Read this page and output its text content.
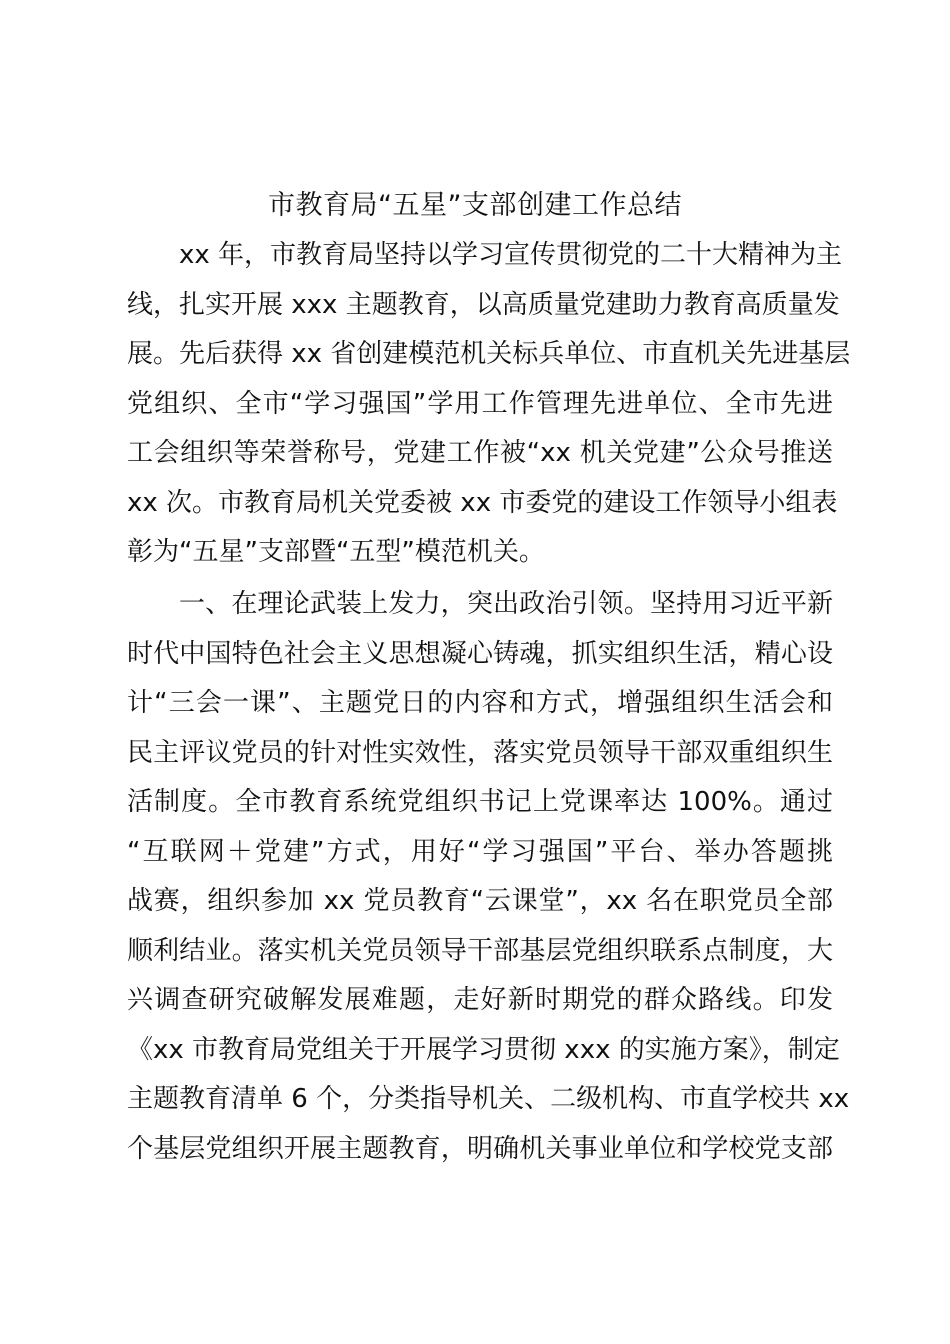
市教育局“五星”支部创建工作总结
xx 年，市教育局坚持以学习宣传贯彻党的二十大精神为主
线，扎实开展 xxx 主题教育，以高质量党建助力教育高质量发
展。先后获得 xx 省创建模范机关标兵单位、市直机关先进基层
党组织、全市“学习强国”学用工作管理先进单位、全市先进
工会组织等荣誉称号，党建工作被“xx 机关党建”公众号推送
xx 次。市教育局机关党委被 xx 市委党的建设工作领导小组表
彰为“五星”支部暨“五型”模范机关。
一、在理论武装上发力，突出政治引领。坚持用习近平新
时代中国特色社会主义思想凝心铸魂，抓实组织生活，精心设
计“三会一课”、主题党日的内容和方式，增强组织生活会和
民主评议党员的针对性实效性，落实党员领导干部双重组织生
活制度。全市教育系统党组织书记上党课率达 100%。通过
“互联网＋党建”方式，用好“学习强国”平台、举办答题挑
战赛，组织参加 xx 党员教育“云课堂”，xx 名在职党员全部
顺利结业。落实机关党员领导干部基层党组织联系点制度，大
兴调查研究破解发展难题，走好新时期党的群众路线。印发
《xx 市教育局党组关于开展学习贯彻 xxx 的实施方案》，制定
主题教育清单 6 个，分类指导机关、二级机构、市直学校共 xx
个基层党组织开展主题教育，明确机关事业单位和学校党支部
